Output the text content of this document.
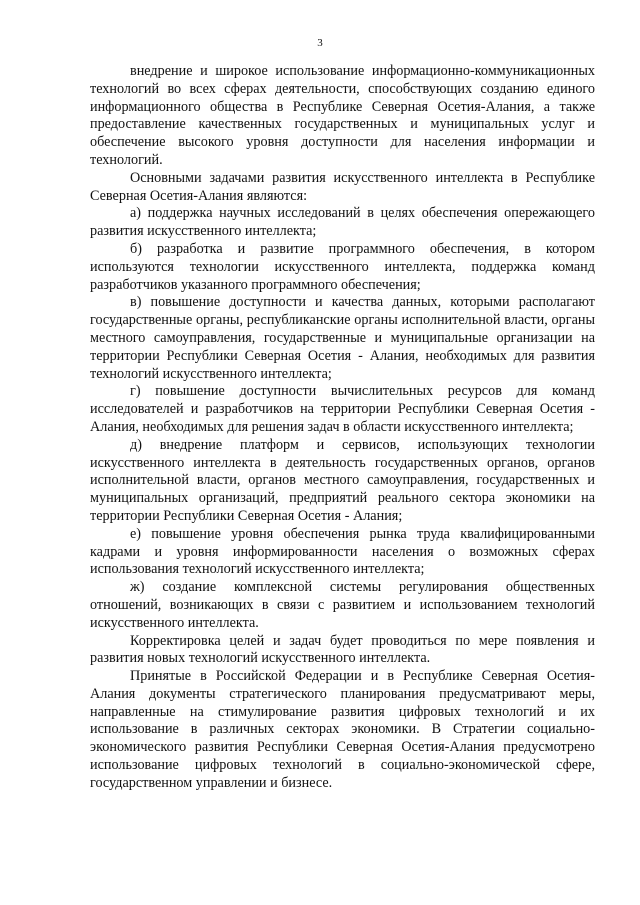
3

внедрение и широкое использование информационно-коммуникационных технологий во всех сферах деятельности, способствующих созданию единого информационного общества в Республике Северная Осетия-Алания, а также предоставление качественных государственных и муниципальных услуг и обеспечение высокого уровня доступности для населения информации и технологий.

Основными задачами развития искусственного интеллекта в Республике Северная Осетия-Алания являются:

а) поддержка научных исследований в целях обеспечения опережающего развития искусственного интеллекта;

б) разработка и развитие программного обеспечения, в котором используются технологии искусственного интеллекта, поддержка команд разработчиков указанного программного обеспечения;

в) повышение доступности и качества данных, которыми располагают государственные органы, республиканские органы исполнительной власти, органы местного самоуправления, государственные и муниципальные организации на территории Республики Северная Осетия - Алания, необходимых для развития технологий искусственного интеллекта;

г) повышение доступности вычислительных ресурсов для команд исследователей и разработчиков на территории Республики Северная Осетия - Алания, необходимых для решения задач в области искусственного интеллекта;

д) внедрение платформ и сервисов, использующих технологии искусственного интеллекта в деятельность государственных органов, органов исполнительной власти, органов местного самоуправления, государственных и муниципальных организаций, предприятий реального сектора экономики на территории Республики Северная Осетия - Алания;

е) повышение уровня обеспечения рынка труда квалифицированными кадрами и уровня информированности населения о возможных сферах использования технологий искусственного интеллекта;

ж) создание комплексной системы регулирования общественных отношений, возникающих в связи с развитием и использованием технологий искусственного интеллекта.

Корректировка целей и задач будет проводиться по мере появления и развития новых технологий искусственного интеллекта.

Принятые в Российской Федерации и в Республике Северная Осетия-Алания документы стратегического планирования предусматривают меры, направленные на стимулирование развития цифровых технологий и их использование в различных секторах экономики. В Стратегии социально-экономического развития Республики Северная Осетия-Алания предусмотрено использование цифровых технологий в социально-экономической сфере, государственном управлении и бизнесе.
